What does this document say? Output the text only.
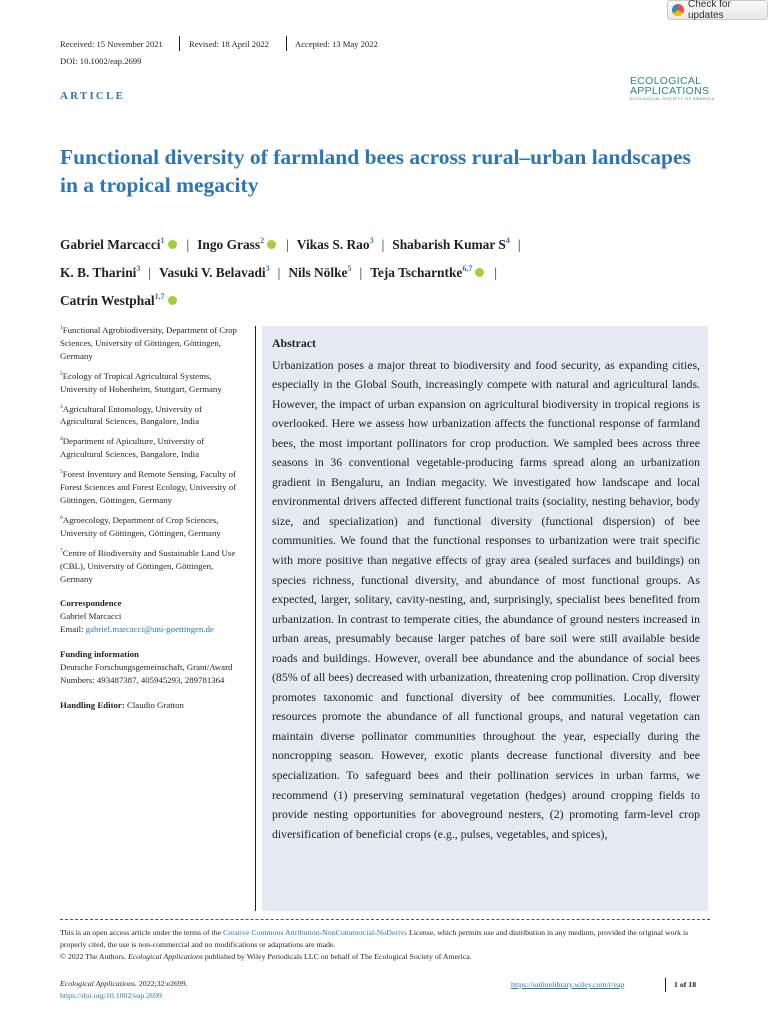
Check for updates
Received: 15 November 2021	Revised: 18 April 2022	Accepted: 13 May 2022
DOI: 10.1002/eap.2699
ARTICLE
ECOLOGICAL
APPLICATIONS
ECOLOGICAL SOCIETY OF AMERICA
Functional diversity of farmland bees across rural–urban landscapes in a tropical megacity
Gabriel Marcacci$^1$ | Ingo Grass$^2$ | Vikas S. Rao$^3$ | Shabarish Kumar $S^4$ |
K. B. Tharini$^3$ | Vasuki V. Belavadi$^3$ | Nils Nölke$^5$ | Teja Tscharntke$^{6,7}$ |
Catrin Westphal$^{1,7}$

$^1$Functional Agrobiodiversity, Department of Crop Sciences, University of Göttingen, Göttingen, Germany

$^2$Ecology of Tropical Agricultural Systems, University of Hohenheim, Stuttgart, Germany

$^3$Agricultural Entomology, University of Agricultural Sciences, Bangalore, India

$^4$Department of Apiculture, University of Agricultural Sciences, Bangalore, India

$^5$Forest Inventory and Remote Sensing, Faculty of Forest Sciences and Forest Ecology, University of Göttingen, Göttingen, Germany

$^6$Agroecology, Department of Crop Sciences, University of Göttingen, Göttingen, Germany

$^7$Centre of Biodiversity and Sustainable Land Use (CBL), University of Göttingen, Göttingen, Germany

Correspondence
Gabriel Marcacci
Email: gabriel.marcacci@uni-goettingen.de
Funding information
Deutsche Forschungsgemeinschaft, Grant/Award Numbers: 493487387, 405945293, 289781364
Handling Editor: Claudio Gratton
Abstract
Urbanization poses a major threat to biodiversity and food security, as expanding cities, especially in the Global South, increasingly compete with natural and agricultural lands. However, the impact of urban expansion on agricultural biodiversity in tropical regions is overlooked. Here we assess how urbanization affects the functional response of farmland bees, the most important pollinators for crop production. We sampled bees across three seasons in 36 conventional vegetable-producing farms spread along an urbanization gradient in Bengaluru, an Indian megacity. We investigated how landscape and local environmental drivers affected different functional traits (sociality, nesting behavior, body size, and specialization) and functional diversity (functional dispersion) of bee communities. We found that the functional responses to urbanization were trait specific with more positive than negative effects of gray area (sealed surfaces and buildings) on species richness, functional diversity, and abundance of most functional groups. As expected, larger, solitary, cavity-nesting, and, surprisingly, specialist bees benefited from urbanization. In contrast to temperate cities, the abundance of ground nesters increased in urban areas, presumably because larger patches of bare soil were still available beside roads and buildings. However, overall bee abundance and the abundance of social bees (85% of all bees) decreased with urbanization, threatening crop pollination. Crop diversity promotes taxonomic and functional diversity of bee communities. Locally, flower resources promote the abundance of all functional groups, and natural vegetation can maintain diverse pollinator communities throughout the year, especially during the noncropping season. However, exotic plants decrease functional diversity and bee specialization. To safeguard bees and their pollination services in urban farms, we recommend (1) preserving seminatural vegetation (hedges) around cropping fields to provide nesting opportunities for aboveground nesters, (2) promoting farm-level crop diversification of beneficial crops (e.g., pulses, vegetables, and spices),
This is an open access article under the terms of the Creative Commons Attribution-NonCommercial-NoDerivs License, which permits use and distribution in any medium, provided the original work is properly cited, the use is non-commercial and no modifications or adaptations are made.
© 2022 The Authors. Ecological Applications published by Wiley Periodicals LLC on behalf of The Ecological Society of America.
Ecological Applications. 2022;32:e2699.
https://doi.org/10.1002/eap.2699
https://onlinelibrary.wiley.com/r/eap	1 of 18
